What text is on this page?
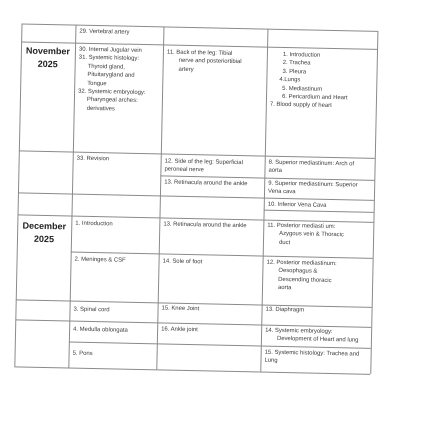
November
2025
December
2025
29. Vertebral artery
30. Internal Jugular vein
31. Systemic histology:
Thyroid gland,
Pituitarygland and
Tongue
32. Systemic embryology:
Pharyngeal arches:
derivatives
33. Revision
1. Introduction
2. Meninges & CSF
3. Spinal cord
4. Medulla oblongata
5. Pons
11. Back of the leg: Tibial
nerve and posteriortibial
artery
12. Side of the leg: Superficial
peroneal nerve
13. Retinacula around the ankle
13. Retinacula around the ankle
14. Sole of foot
15. Knee Joint
16. Ankle joint
1. Introduction
2. Trachea
3. Pleura
4.Lungs
5. Mediastinum
6. Pericardium and Heart
7. Blood supply of heart
8. Superior mediastinum: Arch of
aorta
9. Superior mediastinum: Superior
Vena cava
10. Inferior Vena Cava
11. Posterior mediasti um:
Azygous vein & Thoracic
duct
12. Posterior mediastinum:
Oesophagus &
Descending thoracic
aorta
13. Diaphragm
14. Systemic embryology:
Development of Heart and lung
15. Systemic histology: Trachea and
Lung
